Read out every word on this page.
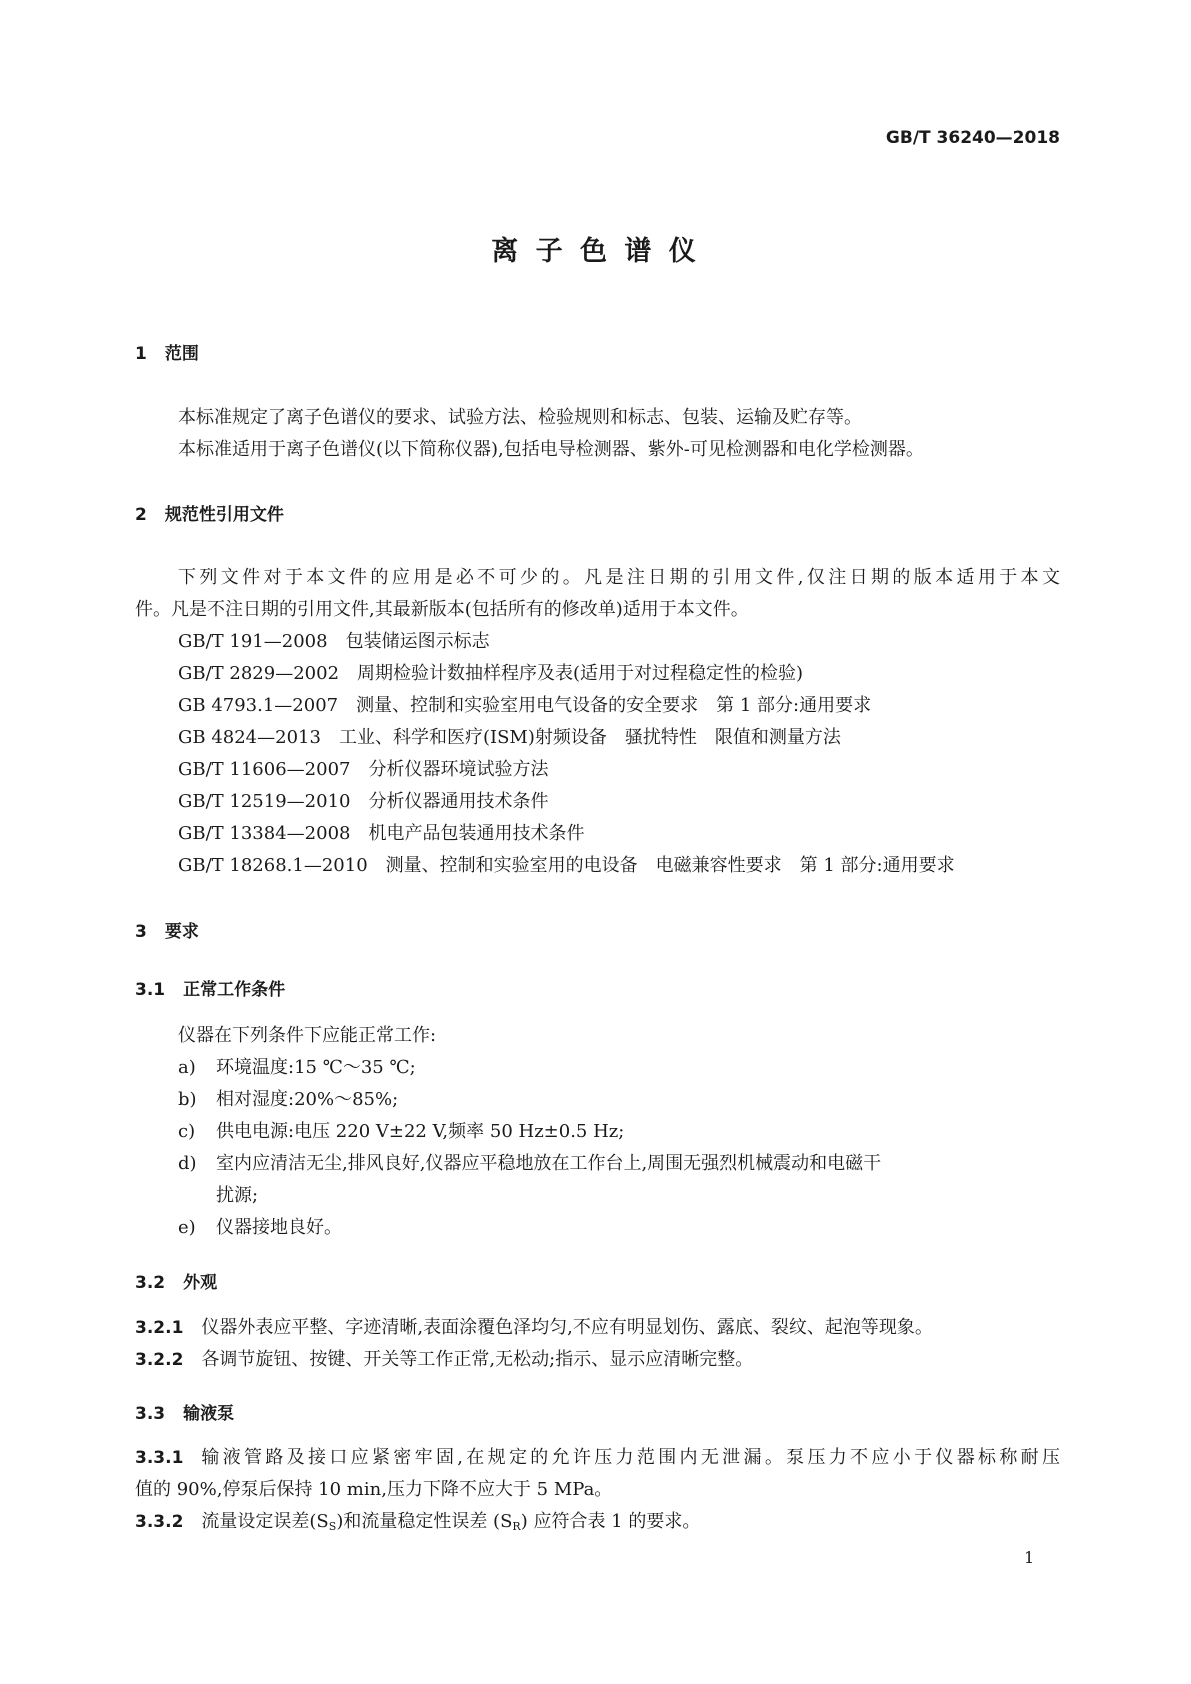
GB/T 36240—2018
离 子 色 谱 仪
1 范围
本标准规定了离子色谱仪的要求、试验方法、检验规则和标志、包装、运输及贮存等。
本标准适用于离子色谱仪(以下简称仪器),包括电导检测器、紫外-可见检测器和电化学检测器。
2 规范性引用文件
下列文件对于本文件的应用是必不可少的。凡是注日期的引用文件,仅注日期的版本适用于本文
件。凡是不注日期的引用文件,其最新版本(包括所有的修改单)适用于本文件。
GB/T 191—2008 包装储运图示标志
GB/T 2829—2002 周期检验计数抽样程序及表(适用于对过程稳定性的检验)
GB 4793.1—2007 测量、控制和实验室用电气设备的安全要求　第 1 部分:通用要求
GB 4824—2013 工业、科学和医疗(ISM)射频设备　骚扰特性　限值和测量方法
GB/T 11606—2007 分析仪器环境试验方法
GB/T 12519—2010 分析仪器通用技术条件
GB/T 13384—2008 机电产品包装通用技术条件
GB/T 18268.1—2010 测量、控制和实验室用的电设备　电磁兼容性要求　第 1 部分:通用要求
3 要求
3.1 正常工作条件
仪器在下列条件下应能正常工作:
a) 环境温度:15 ℃～35 ℃;
b) 相对湿度:20%～85%;
c) 供电电源:电压 220 V±22 V,频率 50 Hz±0.5 Hz;
d) 室内应清洁无尘,排风良好,仪器应平稳地放在工作台上,周围无强烈机械震动和电磁干
扰源;
e) 仪器接地良好。
3.2 外观
3.2.1 仪器外表应平整、字迹清晰,表面涂覆色泽均匀,不应有明显划伤、露底、裂纹、起泡等现象。
3.2.2 各调节旋钮、按键、开关等工作正常,无松动;指示、显示应清晰完整。
3.3 输液泵
3.3.1 输液管路及接口应紧密牢固,在规定的允许压力范围内无泄漏。泵压力不应小于仪器标称耐压
值的 90%,停泵后保持 10 min,压力下降不应大于 5 MPa。
3.3.2 流量设定误差$(S_S)$和流量稳定性误差 $(S_R)$ 应符合表 1 的要求。
1
